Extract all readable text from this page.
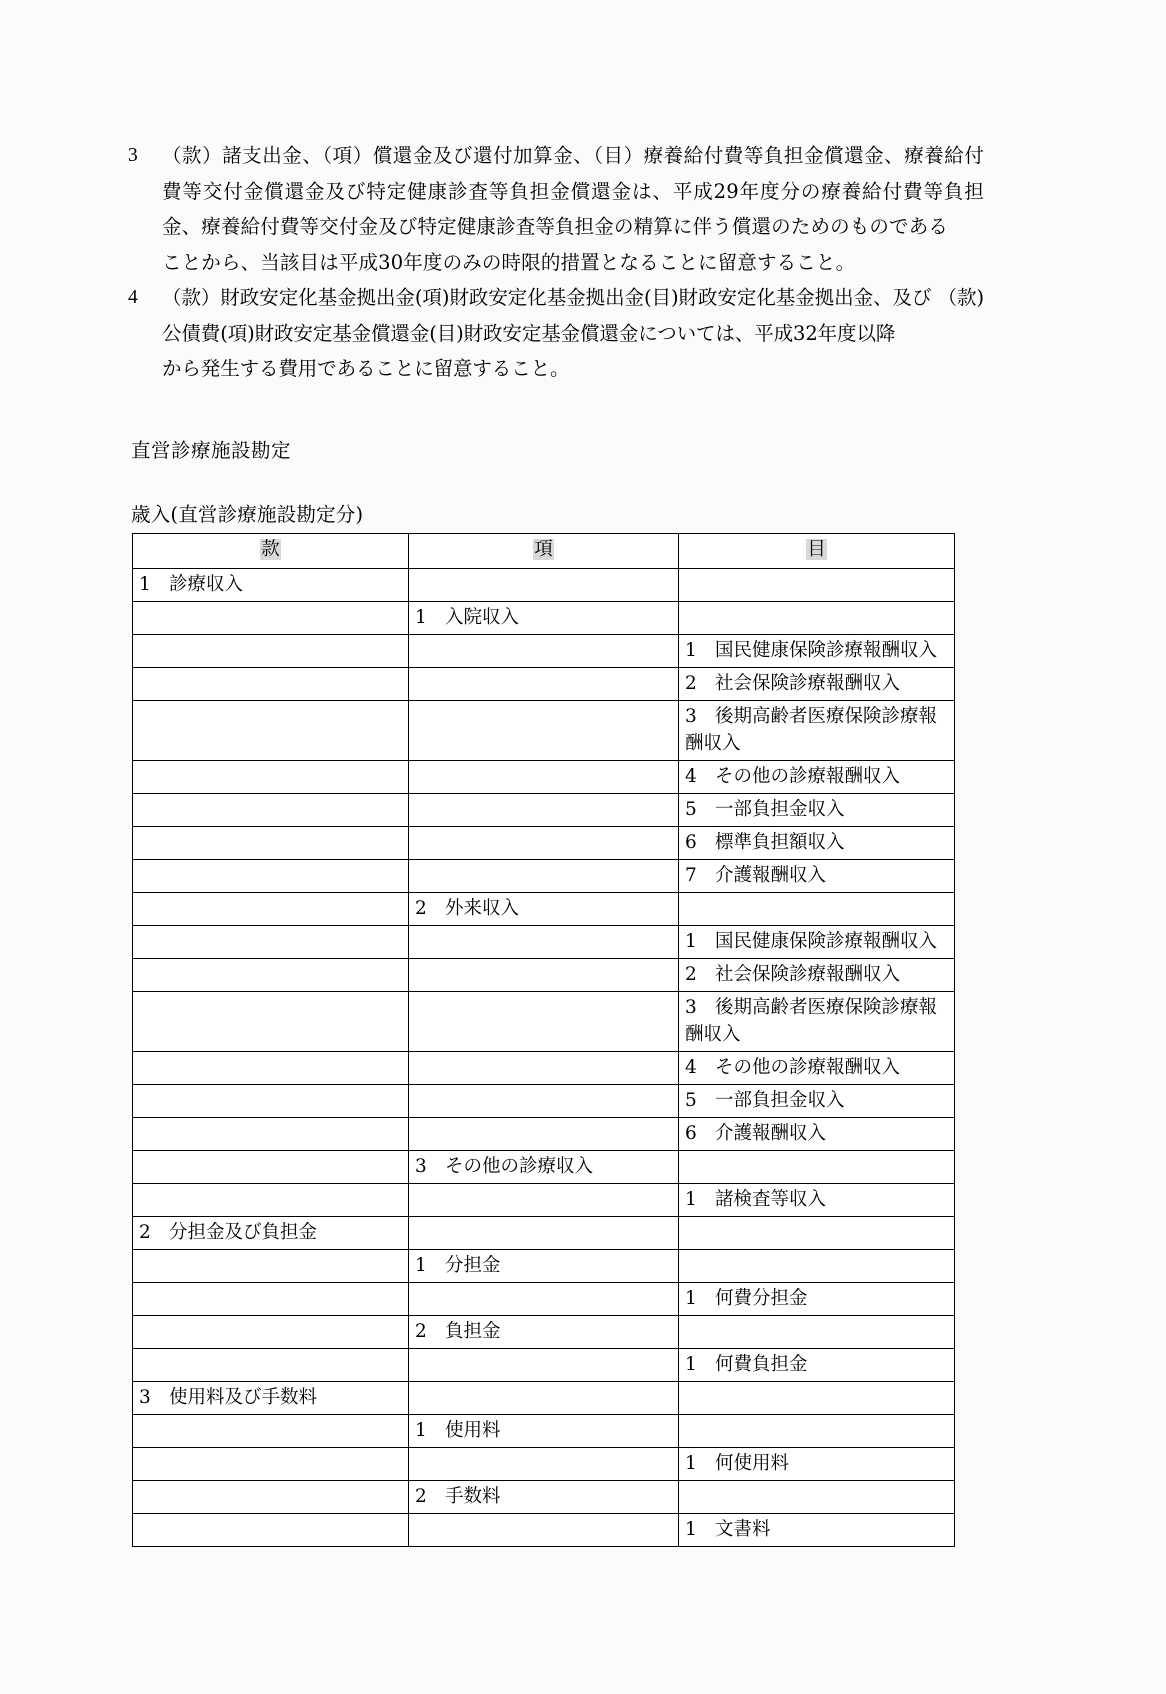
3	（款）諸支出金、（項）償還金及び還付加算金、（目）療養給付費等負担金償還金、療養給付 費等交付金償還金及び特定健康診査等負担金償還金は、平成29年度分の療養給付費等負担 金、療養給付費等交付金及び特定健康診査等負担金の精算に伴う償還のためのものである
ことから、当該目は平成30年度のみの時限的措置となることに留意すること。
4	（款）財政安定化基金拠出金(項)財政安定化基金拠出金(目)財政安定化基金拠出金、及び （款)公債費(項)財政安定基金償還金(目)財政安定基金償還金については、平成32年度以降
から発生する費用であることに留意すること。
直営診療施設勘定
歳入(直営診療施設勘定分)
款	項	目
1 診療収入		
	1 入院収入	
		1 国民健康保険診療報酬収入
		2 社会保険診療報酬収入
		3 後期高齢者医療保険診療報酬収入
		4 その他の診療報酬収入
		5 一部負担金収入
		6 標準負担額収入
		7 介護報酬収入
	2 外来収入	
		1 国民健康保険診療報酬収入
		2 社会保険診療報酬収入
		3 後期高齢者医療保険診療報酬収入
		4 その他の診療報酬収入
		5 一部負担金収入
		6 介護報酬収入
	3 その他の診療収入	
		1 諸検査等収入
2 分担金及び負担金		
	1 分担金	
		1 何費分担金
	2 負担金	
		1 何費負担金
3 使用料及び手数料		
	1 使用料	
		1 何使用料
	2 手数料	
		1 文書料
